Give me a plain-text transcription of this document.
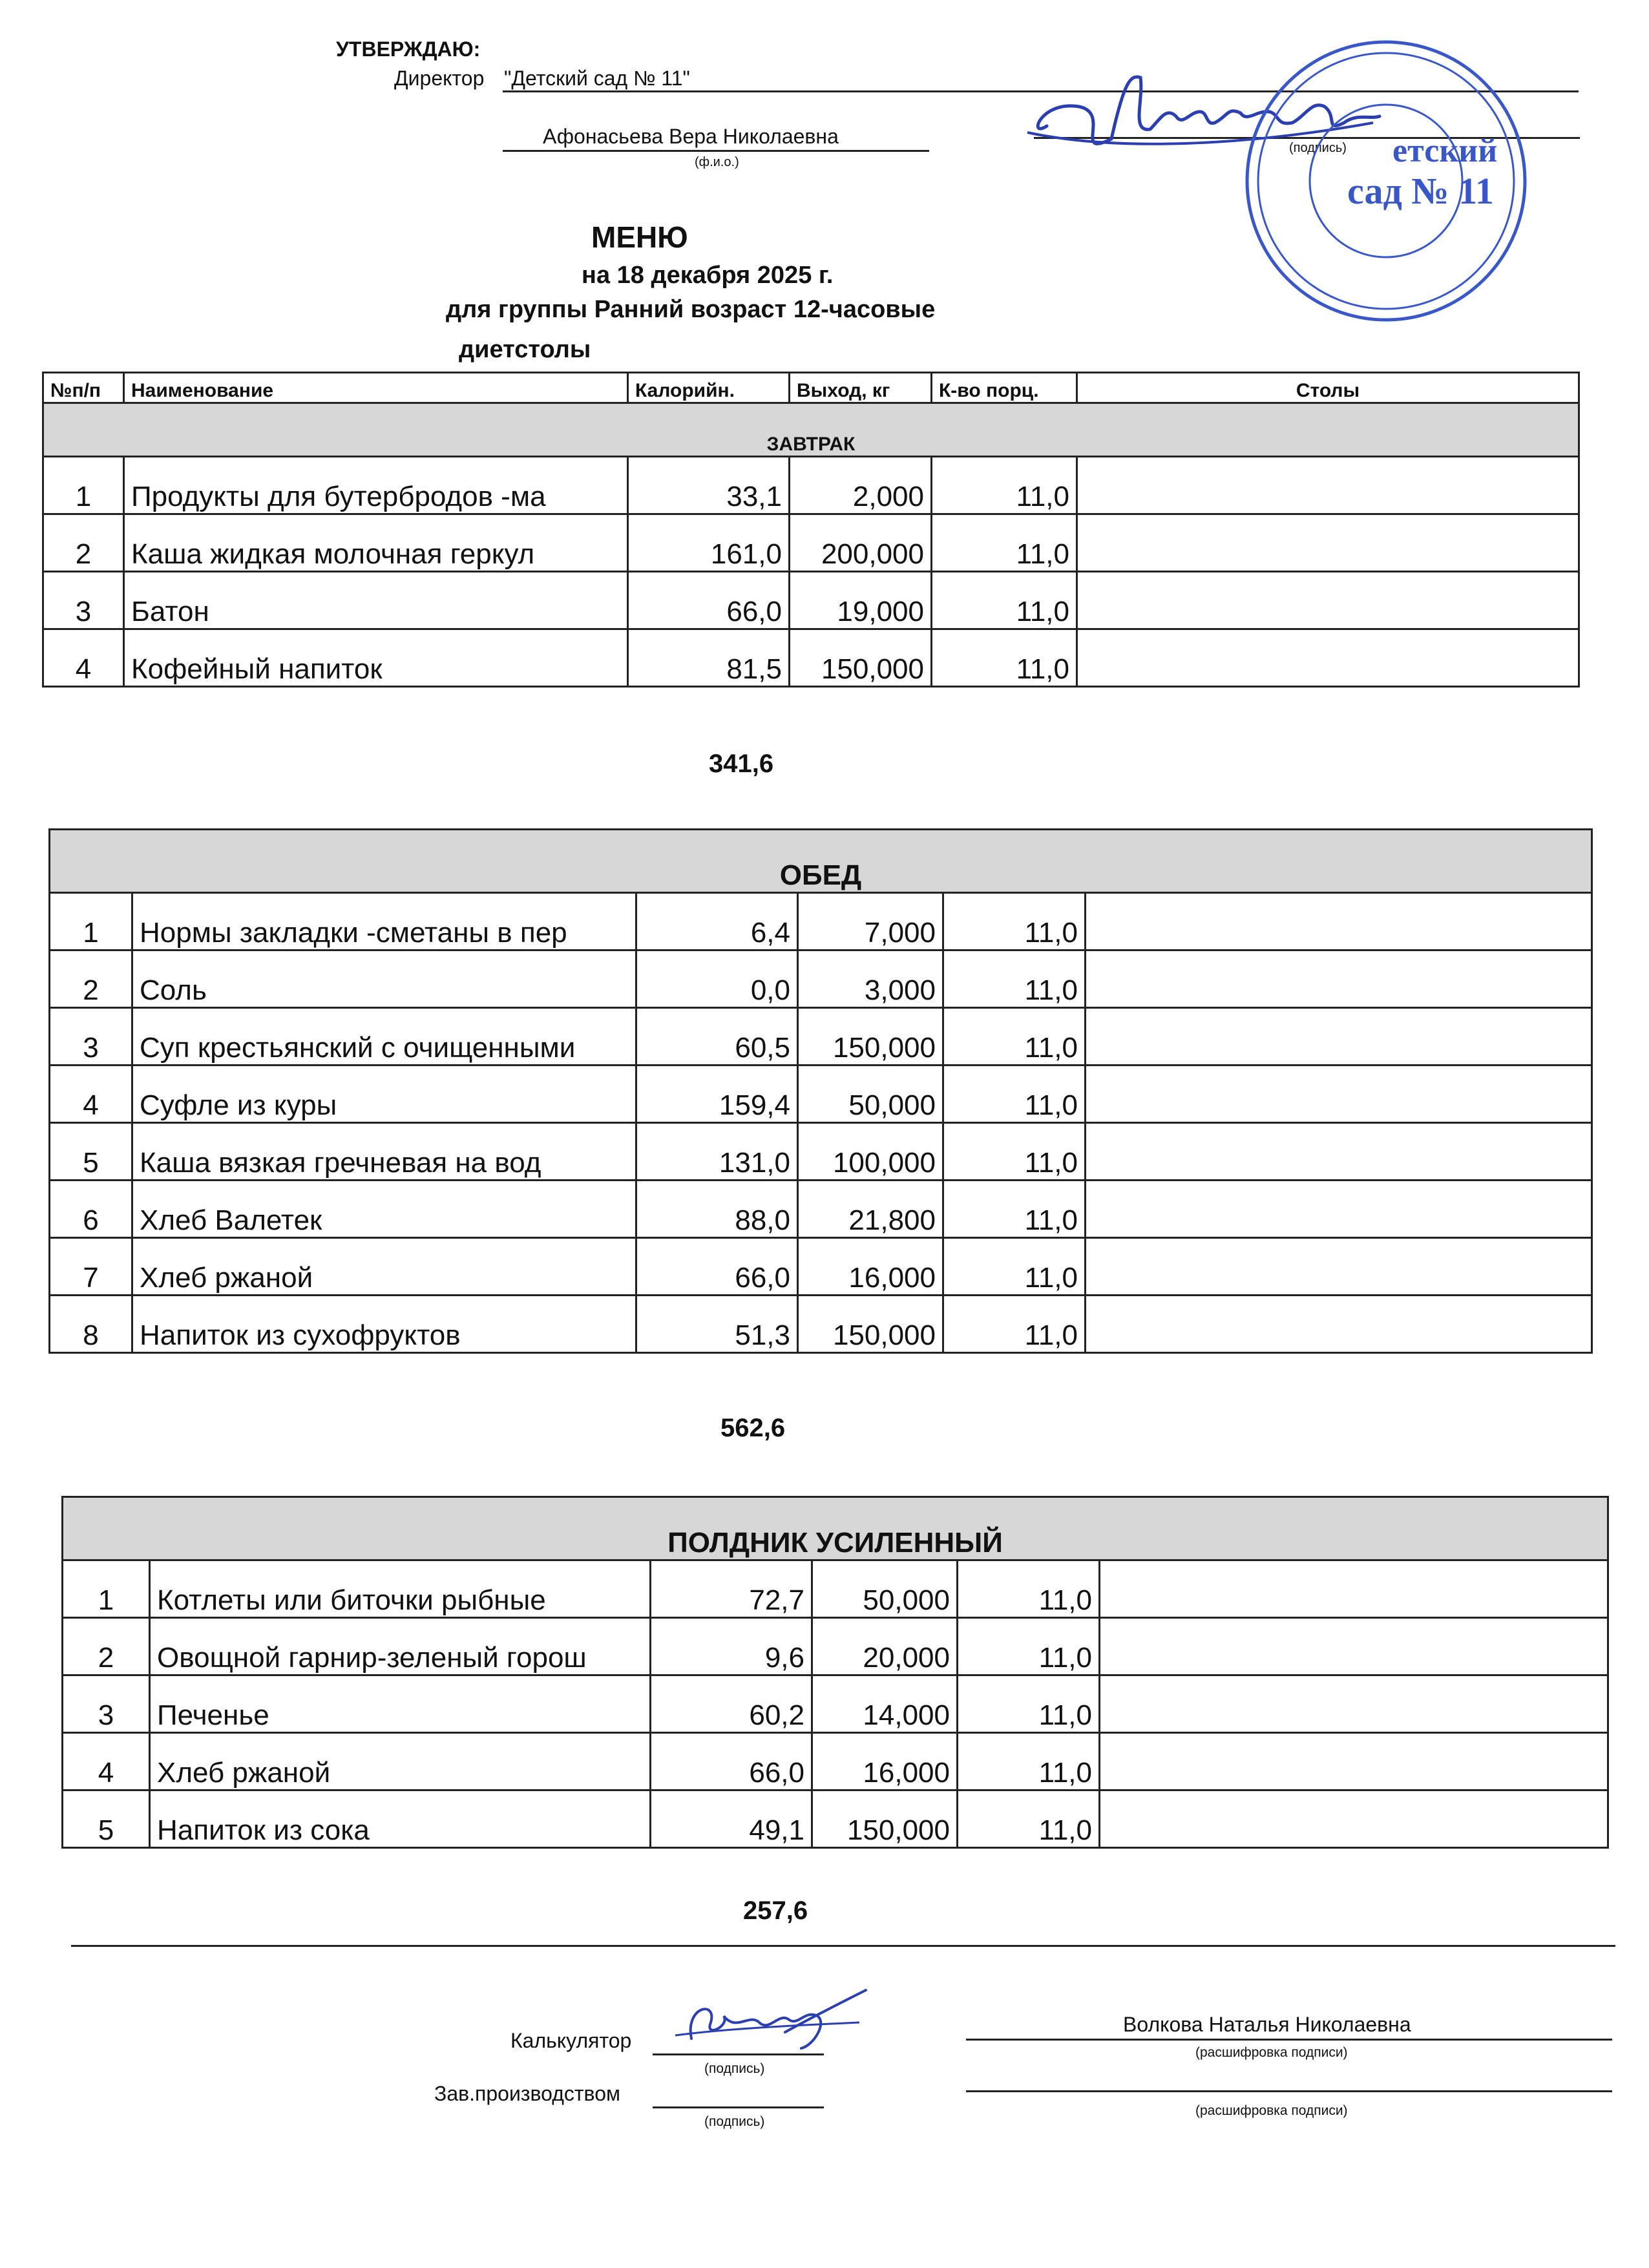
УТВЕРЖДАЮ:
Директор "Детский сад № 11"
Афонасьева Вера Николаевна
(ф.и.о.)
(подпись)
сад № 11
етский
МЕНЮ
на 18 декабря 2025 г.
для группы Ранний возраст 12-часовые
диетстолы
№п/п	Наименование	Калорийн.	Выход, кг	К-во порц.	Столы
ЗАВТРАК					
1	Продукты для бутербродов -ма	33,1	2,000	11,0	
2	Каша жидкая молочная геркул	161,0	200,000	11,0	
3	Батон	66,0	19,000	11,0	
4	Кофейный напиток	81,5	150,000	11,0	
341,6
ОБЕД					
1	Нормы закладки -сметаны в пер	6,4	7,000	11,0	
2	Соль	0,0	3,000	11,0	
3	Суп крестьянский с очищенными	60,5	150,000	11,0	
4	Суфле из куры	159,4	50,000	11,0	
5	Каша вязкая гречневая на вод	131,0	100,000	11,0	
6	Хлеб Валетек	88,0	21,800	11,0	
7	Хлеб ржаной	66,0	16,000	11,0	
8	Напиток из сухофруктов	51,3	150,000	11,0	
562,6
ПОЛДНИК УСИЛЕННЫЙ					
1	Котлеты или биточки рыбные	72,7	50,000	11,0	
2	Овощной гарнир-зеленый горош	9,6	20,000	11,0	
3	Печенье	60,2	14,000	11,0	
4	Хлеб ржаной	66,0	16,000	11,0	
5	Напиток из сока	49,1	150,000	11,0	
257,6
Калькулятор
(подпись)
Волкова Наталья Николаевна
(расшифровка подписи)
Зав.производством
(подпись)
(расшифровка подписи)
